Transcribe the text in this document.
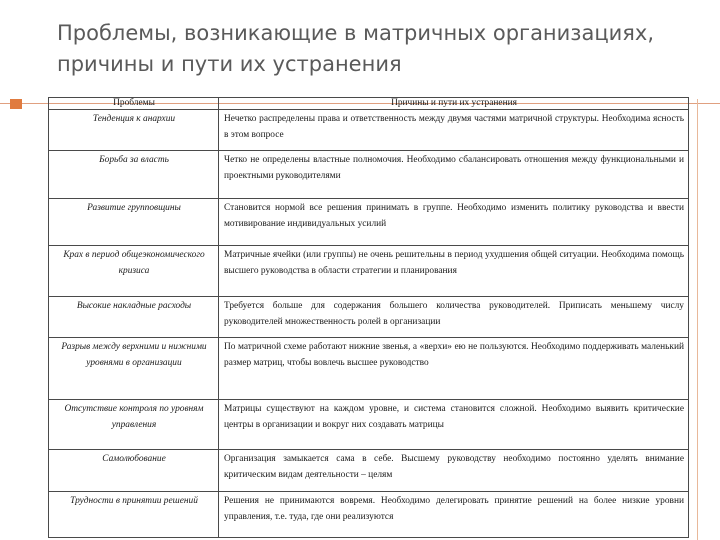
Проблемы, возникающие в матричных организациях, причины и пути их устранения
Проблемы	Причины и пути их устранения
Тенденция к анархии	Нечетко распределены права и ответственность между двумя частями матричной структуры. Необходима ясность в этом вопросе
Борьба за власть	Четко не определены властные полномочия. Необходимо сбалансировать отношения между функциональными и проектными руководителями
Развитие групповщины	Становится нормой все решения принимать в группе. Необходимо изменить политику руководства и ввести мотивирование индивидуальных усилий
Крах в период общеэкономического кризиса	Матричные ячейки (или группы) не очень решительны в период ухудшения общей ситуации. Необходима помощь высшего руководства в области стратегии и планирования
Высокие накладные расходы	Требуется больше для содержания большего количества руководителей. Приписать меньшему числу руководителей множественность ролей в организации
Разрыв между верхними и нижними уровнями в организации	По матричной схеме работают нижние звенья, а «верхи» ею не пользуются. Необходимо поддерживать маленький размер матриц, чтобы вовлечь высшее руководство
Отсутствие контроля по уровням управления	Матрицы существуют на каждом уровне, и система становится сложной. Необходимо выявить критические центры в организации и вокруг них создавать матрицы
Самолюбование	Организация замыкается сама в себе. Высшему руководству необходимо постоянно уделять внимание критическим видам деятельности – целям
Трудности в принятии решений	Решения не принимаются вовремя. Необходимо делегировать принятие решений на более низкие уровни управления, т.е. туда, где они реализуются
